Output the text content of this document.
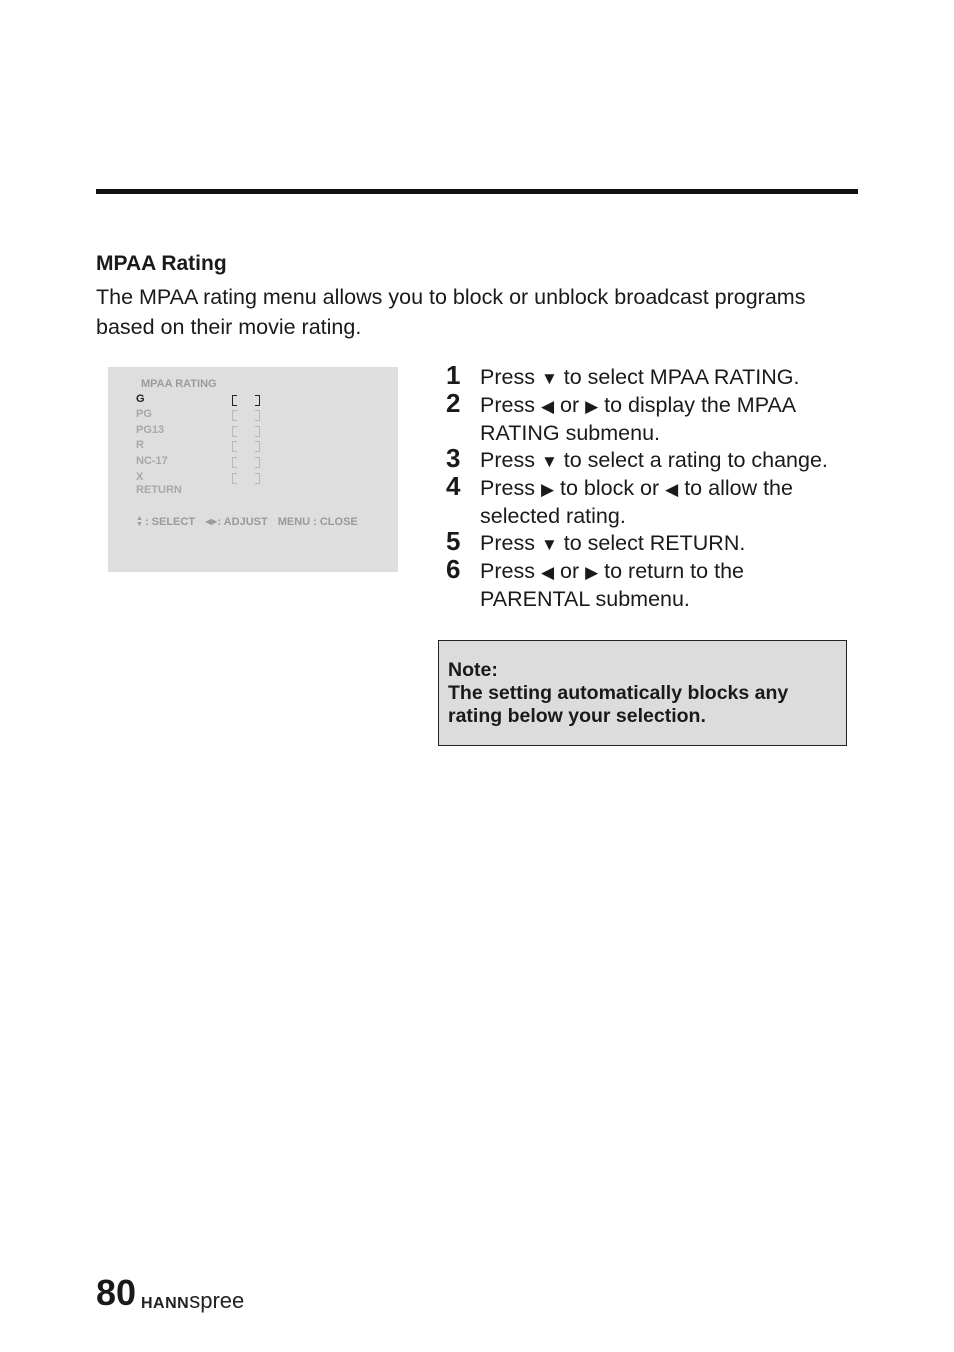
MPAA Rating
The MPAA rating menu allows you to block or unblock broadcast programs based on their movie rating.
MPAA RATING
G
PG
PG13
R
NC-17
X
RETURN
▲
▼ : SELECT ◀▶ : ADJUST MENU : CLOSE
1 Press ▼ to select MPAA RATING.
2 Press ◀ or ▶ to display the MPAA RATING submenu.
3 Press ▼ to select a rating to change.
4 Press ▶ to block or ◀ to allow the selected rating.
5 Press ▼ to select RETURN.
6 Press ◀ or ▶ to return to the PARENTAL submenu.
Note:
The setting automatically blocks any rating below your selection.
80 HANNspree
